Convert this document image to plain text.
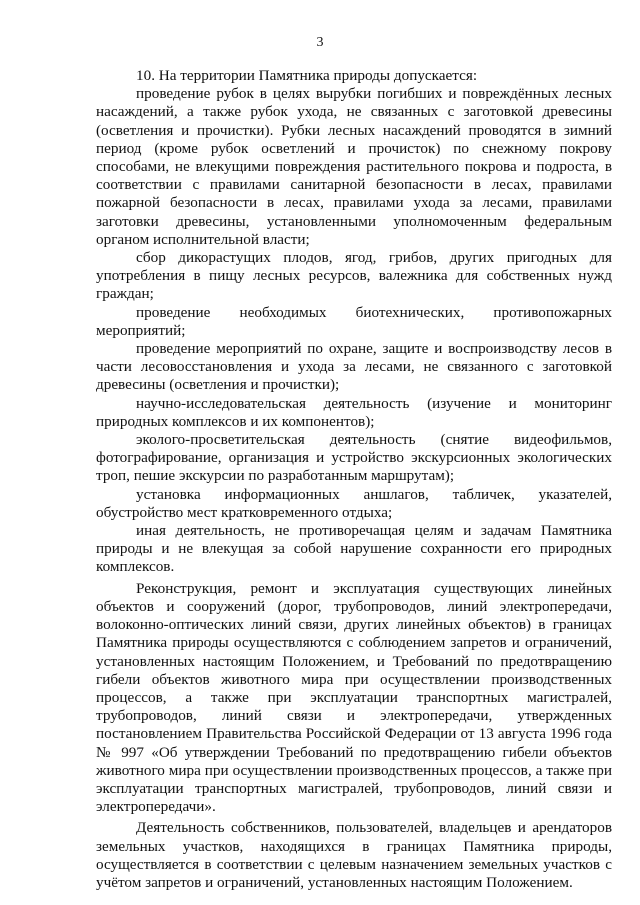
3

10. На территории Памятника природы допускается:

проведение рубок в целях вырубки погибших и повреждённых лесных насаждений, а также рубок ухода, не связанных с заготовкой древесины (осветления и прочистки). Рубки лесных насаждений проводятся в зимний период (кроме рубок осветлений и прочисток) по снежному покрову способами, не влекущими повреждения растительного покрова и подроста, в соответствии с правилами санитарной безопасности в лесах, правилами пожарной безопасности в лесах, правилами ухода за лесами, правилами заготовки древесины, установленными уполномоченным федеральным органом исполнительной власти;

сбор дикорастущих плодов, ягод, грибов, других пригодных для употребления в пищу лесных ресурсов, валежника для собственных нужд граждан;

проведение необходимых биотехнических, противопожарных мероприятий;

проведение мероприятий по охране, защите и воспроизводству лесов в части лесовосстановления и ухода за лесами, не связанного с заготовкой древесины (осветления и прочистки);

научно-исследовательская деятельность (изучение и мониторинг природных комплексов и их компонентов);

эколого-просветительская деятельность (снятие видеофильмов, фотографирование, организация и устройство экскурсионных экологических троп, пешие экскурсии по разработанным маршрутам);

установка информационных аншлагов, табличек, указателей, обустройство мест кратковременного отдыха;

иная деятельность, не противоречащая целям и задачам Памятника природы и не влекущая за собой нарушение сохранности его природных комплексов.

Реконструкция, ремонт и эксплуатация существующих линейных объектов и сооружений (дорог, трубопроводов, линий электропередачи, волоконно-оптических линий связи, других линейных объектов) в границах Памятника природы осуществляются с соблюдением запретов и ограничений, установленных настоящим Положением, и Требований по предотвращению гибели объектов животного мира при осуществлении производственных процессов, а также при эксплуатации транспортных магистралей, трубопроводов, линий связи и электропередачи, утвержденных постановлением Правительства Российской Федерации от 13 августа 1996 года № 997 «Об утверждении Требований по предотвращению гибели объектов животного мира при осуществлении производственных процессов, а также при эксплуатации транспортных магистралей, трубопроводов, линий связи и электропередачи».

Деятельность собственников, пользователей, владельцев и арендаторов земельных участков, находящихся в границах Памятника природы, осуществляется в соответствии с целевым назначением земельных участков с учётом запретов и ограничений, установленных настоящим Положением.
